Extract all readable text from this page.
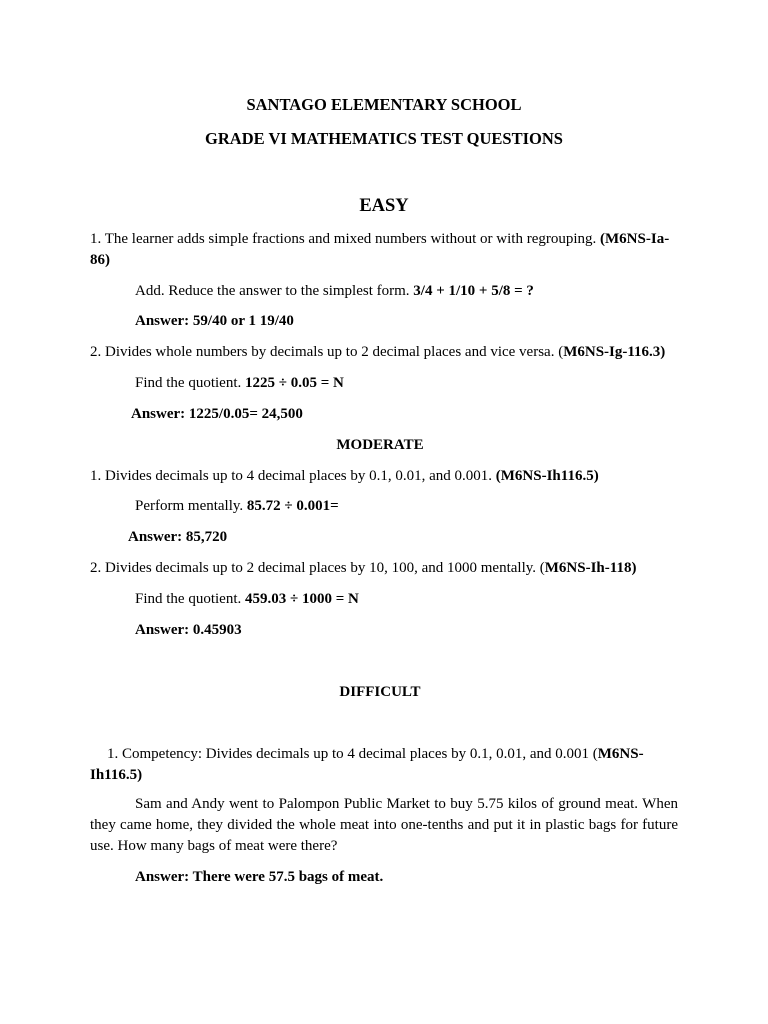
SANTAGO ELEMENTARY SCHOOL
GRADE VI MATHEMATICS TEST QUESTIONS
EASY
1. The learner adds simple fractions and mixed numbers without or with regrouping. (M6NS-Ia-
86)
Add. Reduce the answer to the simplest form. 3/4 + 1/10 + 5/8 = ?
Answer: 59/40 or 1 19/40
2. Divides whole numbers by decimals up to 2 decimal places and vice versa. (M6NS-Ig-116.3)
Find the quotient. 1225 ÷ 0.05 = N
Answer: 1225/0.05= 24,500
MODERATE
1. Divides decimals up to 4 decimal places by 0.1, 0.01, and 0.001. (M6NS-Ih116.5)
Perform mentally. 85.72 ÷ 0.001=
Answer: 85,720
2. Divides decimals up to 2 decimal places by 10, 100, and 1000 mentally. (M6NS-Ih-118)
Find the quotient. 459.03 ÷ 1000 = N
Answer: 0.45903
DIFFICULT
1. Competency: Divides decimals up to 4 decimal places by 0.1, 0.01, and 0.001 (M6NS-
Ih116.5)
Sam and Andy went to Palompon Public Market to buy 5.75 kilos of ground meat. When they came home, they divided the whole meat into one-tenths and put it in plastic bags for future use. How many bags of meat were there?
Answer: There were 57.5 bags of meat.
